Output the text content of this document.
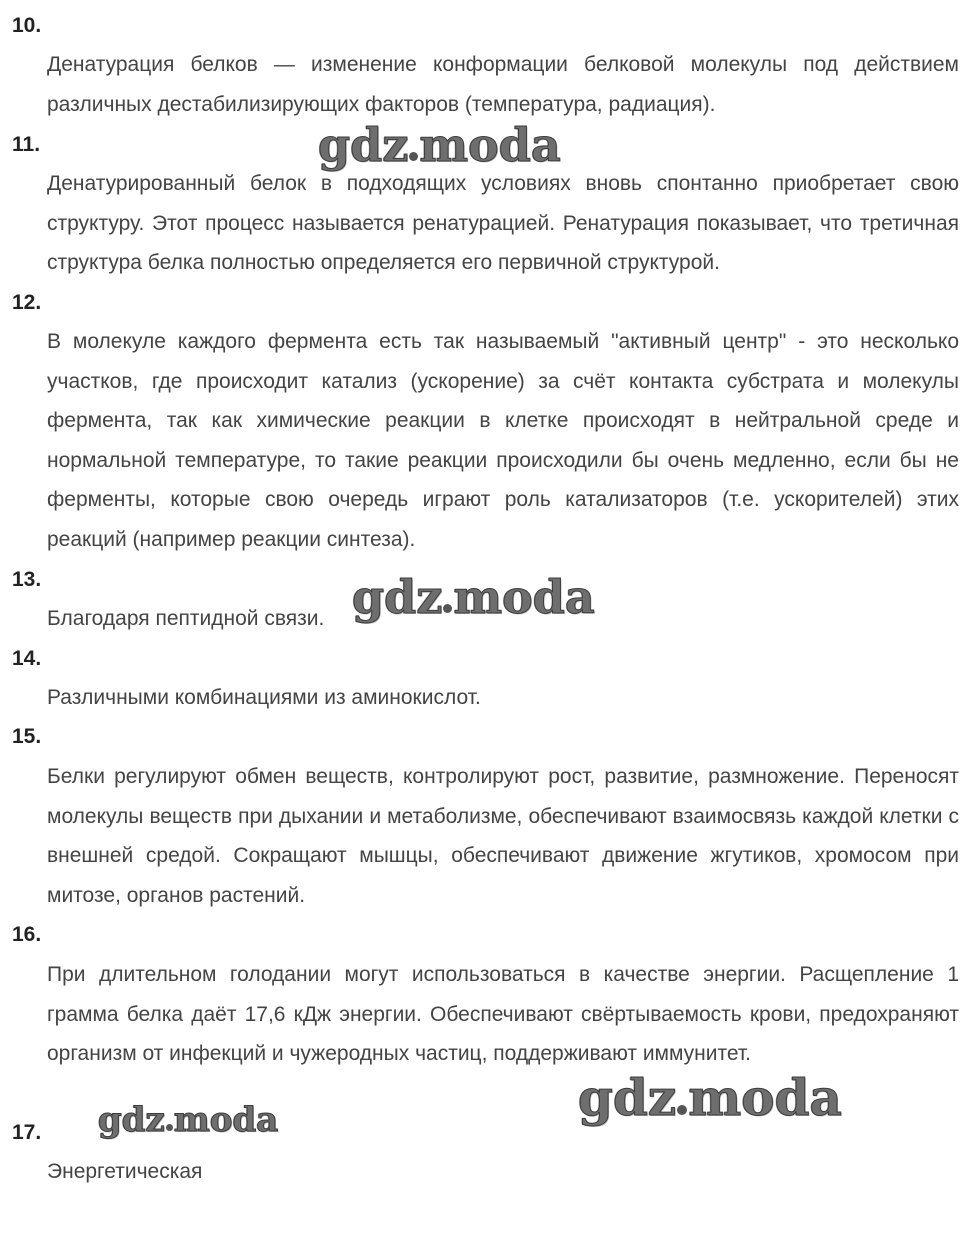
10.

Денатурация белков — изменение конформации белковой молекулы под действием различных дестабилизирующих факторов (температура, радиация).

11.

Денатурированный белок в подходящих условиях вновь спонтанно приобретает свою структуру. Этот процесс называется ренатурацией. Ренатурация показывает, что третичная структура белка полностью определяется его первичной структурой.

12.

В молекуле каждого фермента есть так называемый "активный центр" - это несколько участков, где происходит катализ (ускорение) за счёт контакта субстрата и молекулы фермента, так как химические реакции в клетке происходят в нейтральной среде и нормальной температуре, то такие реакции происходили бы очень медленно, если бы не ферменты, которые свою очередь играют роль катализаторов (т.е. ускорителей) этих реакций (например реакции синтеза).

13.

Благодаря пептидной связи.

14.

Различными комбинациями из аминокислот.

15.

Белки регулируют обмен веществ, контролируют рост, развитие, размножение. Переносят молекулы веществ при дыхании и метаболизме, обеспечивают взаимосвязь каждой клетки с внешней средой. Сокращают мышцы, обеспечивают движение жгутиков, хромосом при митозе, органов растений.

16.

При длительном голодании могут использоваться в качестве энергии. Расщепление 1 грамма белка даёт 17,6 кДж энергии. Обеспечивают свёртываемость крови, предохраняют организм от инфекций и чужеродных частиц, поддерживают иммунитет.

17.

Энергетическая

gdz moda
gdz moda
gdz moda
gdz moda
